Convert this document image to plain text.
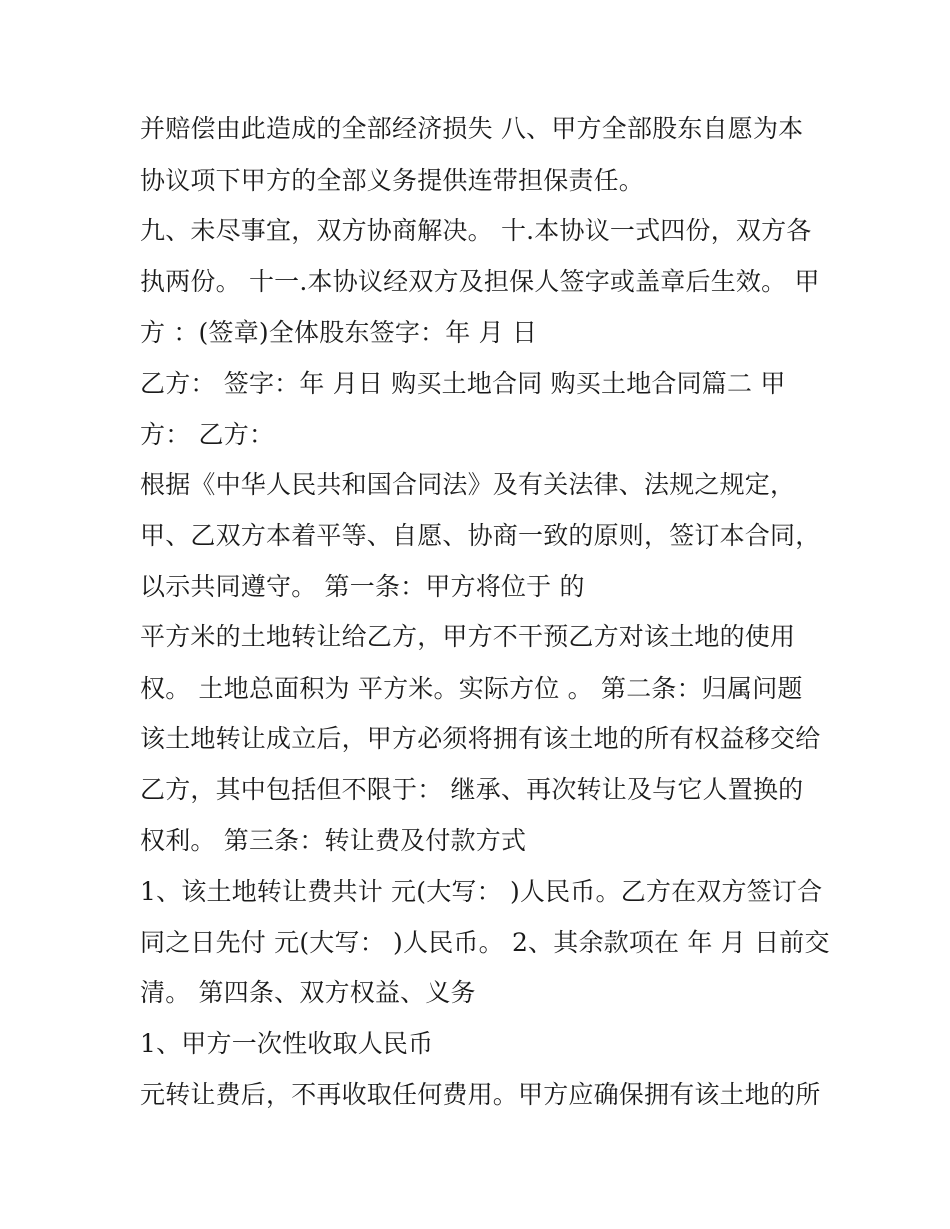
并赔偿由此造成的全部经济损失 八、甲方全部股东自愿为本
协议项下甲方的全部义务提供连带担保责任。
九、未尽事宜，双方协商解决。 十.本协议一式四份，双方各
执两份。 十一.本协议经双方及担保人签字或盖章后生效。 甲
方 ：(签章)全体股东签字：年 月 日
乙方： 签字：年 月日 购买土地合同 购买土地合同篇二 甲
方： 乙方：
根据《中华人民共和国合同法》及有关法律、法规之规定，
甲、乙双方本着平等、自愿、协商一致的原则，签订本合同，
以示共同遵守。 第一条：甲方将位于 的
平方米的土地转让给乙方，甲方不干预乙方对该土地的使用
权。 土地总面积为 平方米。实际方位 。 第二条：归属问题
该土地转让成立后，甲方必须将拥有该土地的所有权益移交给
乙方，其中包括但不限于： 继承、再次转让及与它人置换的
权利。 第三条：转让费及付款方式
1、该土地转让费共计 元(大写： )人民币。乙方在双方签订合
同之日先付 元(大写： )人民币。 2、其余款项在 年 月 日前交
清。 第四条、双方权益、义务
1、甲方一次性收取人民币
元转让费后，不再收取任何费用。甲方应确保拥有该土地的所
